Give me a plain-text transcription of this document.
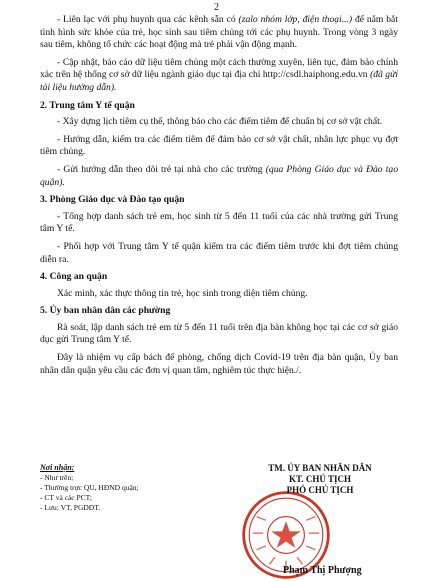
2

- Liên lạc với phụ huynh qua các kênh sẵn có (zalo nhóm lớp, điện thoại...) để nắm bắt tình hình sức khỏe của trẻ, học sinh sau tiêm chủng tới các phụ huynh. Trong vòng 3 ngày sau tiêm, không tổ chức các hoạt động mà trẻ phải vận động mạnh.

- Cập nhật, báo cáo dữ liệu tiêm chủng một cách thường xuyên, liên tục, đảm bảo chính xác trên hệ thống cơ sở dữ liệu ngành giáo dục tại địa chỉ http://csdl.haiphong.edu.vn (đã gửi tài liệu hướng dẫn).

2. Trung tâm Y tế quận

- Xây dựng lịch tiêm cụ thể, thông báo cho các điểm tiêm để chuẩn bị cơ sở vật chất.

- Hướng dẫn, kiểm tra các điểm tiêm để đảm bảo cơ sở vật chất, nhân lực phục vụ đợt tiêm chủng.

- Gửi hướng dẫn theo dõi trẻ tại nhà cho các trường (qua Phòng Giáo dục và Đào tạo quận).

3. Phòng Giáo dục và Đào tạo quận

- Tổng hợp danh sách trẻ em, học sinh từ 5 đến 11 tuổi của các nhà trường gửi Trung tâm Y tế.

- Phối hợp với Trung tâm Y tế quận kiểm tra các điểm tiêm trước khi đợt tiêm chủng diễn ra.

4. Công an quận

Xác minh, xác thực thông tin trẻ, học sinh trong diện tiêm chủng.

5. Ủy ban nhân dân các phường

Rà soát, lập danh sách trẻ em từ 5 đến 11 tuổi trên địa bàn không học tại các cơ sở giáo dục gửi Trung tâm Y tế.

Đây là nhiệm vụ cấp bách để phòng, chống dịch Covid-19 trên địa bàn quận, Ủy ban nhân dân quận yêu cầu các đơn vị quan tâm, nghiêm túc thực hiện./.

Nơi nhận:

- Như trên;

- Thường trực QU, HĐND quận;

- CT và các PCT;

- Lưu: VT, PGDĐT.

TM. ỦY BAN NHÂN DÂN
KT. CHỦ TỊCH
PHÓ CHỦ TỊCH
Phạm Thị Phượng
